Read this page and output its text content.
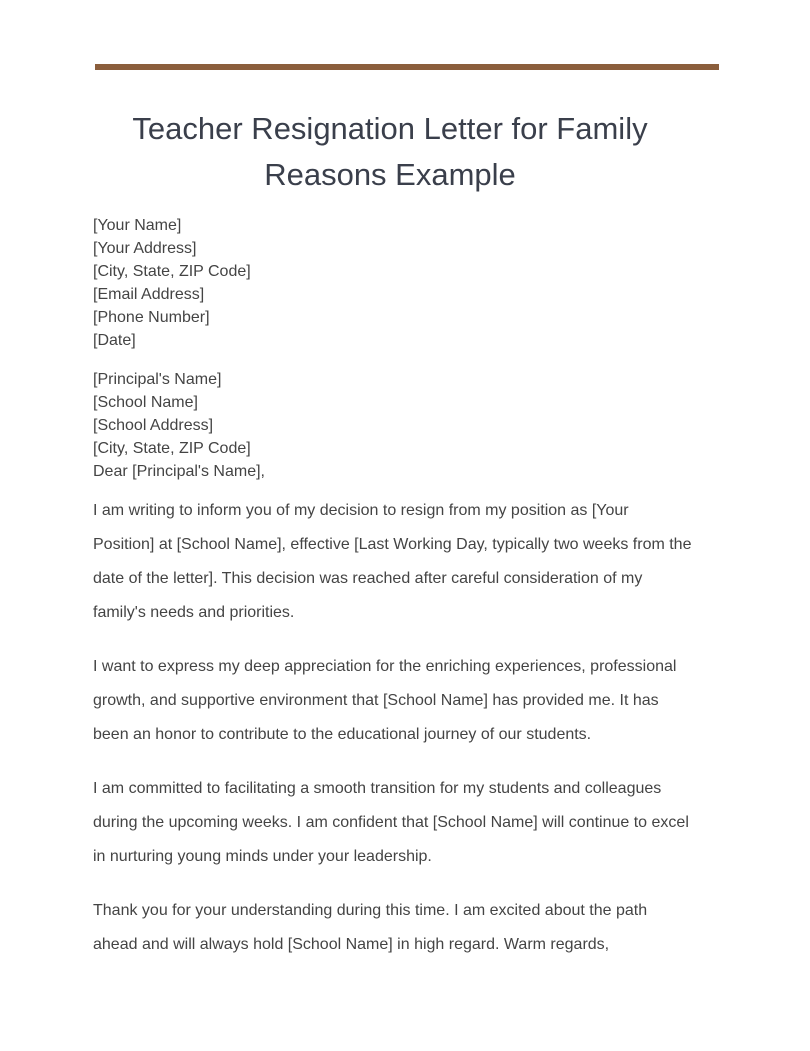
Teacher Resignation Letter for Family Reasons Example
[Your Name]
[Your Address]
[City, State, ZIP Code]
[Email Address]
[Phone Number]
[Date]
[Principal's Name]
[School Name]
[School Address]
[City, State, ZIP Code]
Dear [Principal's Name],

I am writing to inform you of my decision to resign from my position as [Your Position] at [School Name], effective [Last Working Day, typically two weeks from the date of the letter]. This decision was reached after careful consideration of my family's needs and priorities.

I want to express my deep appreciation for the enriching experiences, professional growth, and supportive environment that [School Name] has provided me. It has been an honor to contribute to the educational journey of our students.

I am committed to facilitating a smooth transition for my students and colleagues during the upcoming weeks. I am confident that [School Name] will continue to excel in nurturing young minds under your leadership.

Thank you for your understanding during this time. I am excited about the path ahead and will always hold [School Name] in high regard. Warm regards,
